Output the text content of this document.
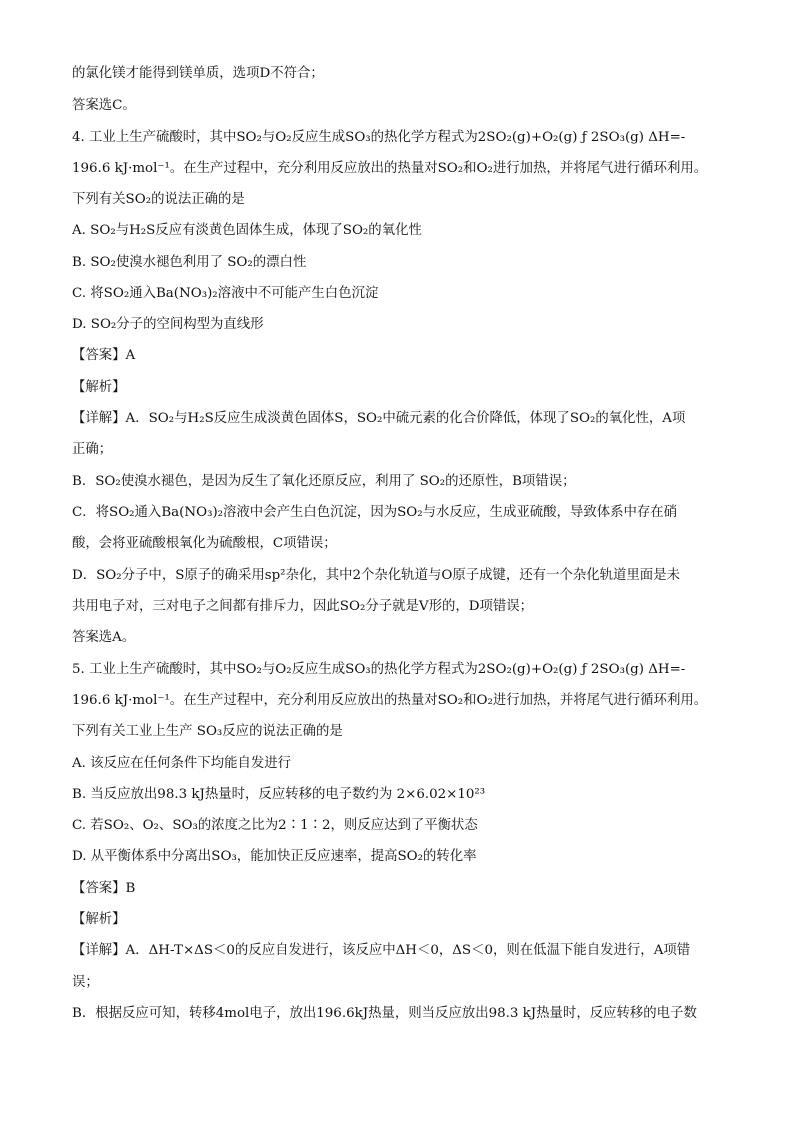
的氯化镁才能得到镁单质，选项D不符合；
答案选C。
4. 工业上生产硫酸时，其中SO₂与O₂反应生成SO₃的热化学方程式为2SO₂(g)+O₂(g) ƒ 2SO₃(g) ΔH=-
196.6 kJ·mol⁻¹。在生产过程中，充分利用反应放出的热量对SO₂和O₂进行加热，并将尾气进行循环利用。
下列有关SO₂的说法正确的是
A. SO₂与H₂S反应有淡黄色固体生成，体现了SO₂的氧化性
B. SO₂使溴水褪色利用了 SO₂的漂白性
C. 将SO₂通入Ba(NO₃)₂溶液中不可能产生白色沉淀
D. SO₂分子的空间构型为直线形
【答案】A
【解析】
【详解】A．SO₂与H₂S反应生成淡黄色固体S，SO₂中硫元素的化合价降低，体现了SO₂的氧化性，A项
正确；
B．SO₂使溴水褪色，是因为反生了氧化还原反应，利用了 SO₂的还原性，B项错误；
C．将SO₂通入Ba(NO₃)₂溶液中会产生白色沉淀，因为SO₂与水反应，生成亚硫酸，导致体系中存在硝
酸，会将亚硫酸根氧化为硫酸根，C项错误；
D．SO₂分子中，S原子的确采用sp²杂化，其中2个杂化轨道与O原子成键，还有一个杂化轨道里面是未
共用电子对，三对电子之间都有排斥力，因此SO₂分子就是V形的，D项错误；
答案选A。
5. 工业上生产硫酸时，其中SO₂与O₂反应生成SO₃的热化学方程式为2SO₂(g)+O₂(g) ƒ 2SO₃(g) ΔH=-
196.6 kJ·mol⁻¹。在生产过程中，充分利用反应放出的热量对SO₂和O₂进行加热，并将尾气进行循环利用。
下列有关工业上生产 SO₃反应的说法正确的是
A. 该反应在任何条件下均能自发进行
B. 当反应放出98.3 kJ热量时，反应转移的电子数约为 2×6.02×10²³
C. 若SO₂、O₂、SO₃的浓度之比为2∶1∶2，则反应达到了平衡状态
D. 从平衡体系中分离出SO₃，能加快正反应速率，提高SO₂的转化率
【答案】B
【解析】
【详解】A．ΔH-T×ΔS＜0的反应自发进行，该反应中ΔH＜0，ΔS＜0，则在低温下能自发进行，A项错
误；
B．根据反应可知，转移4mol电子，放出196.6kJ热量，则当反应放出98.3 kJ热量时，反应转移的电子数
